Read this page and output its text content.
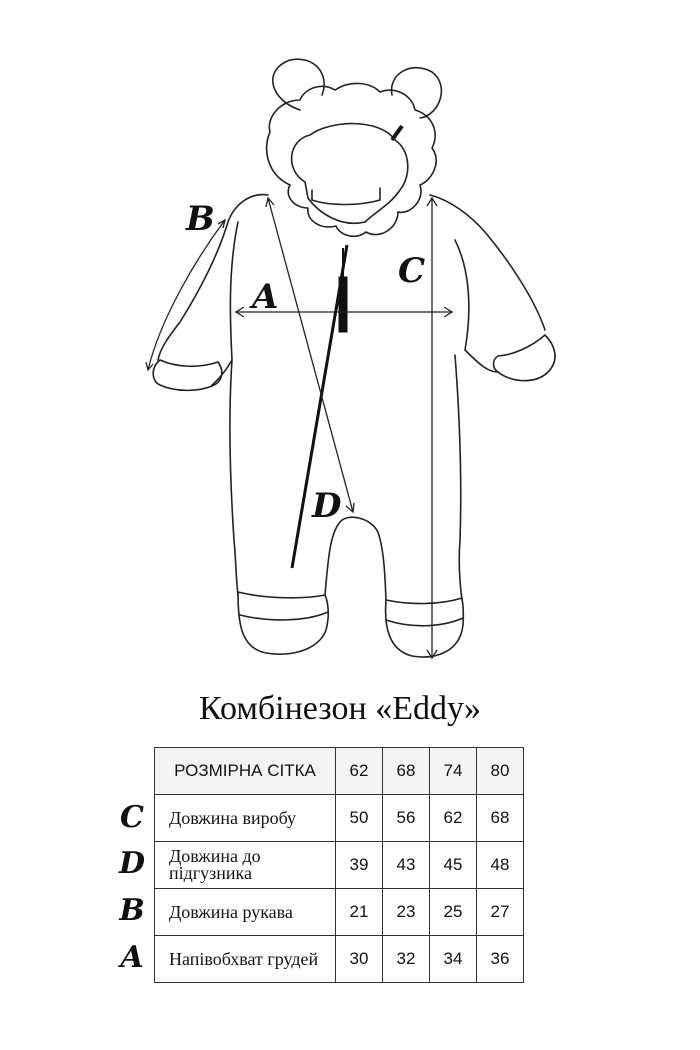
B
A
C
D
Комбінезон «Eddy»
C
D
B
A
РОЗМІРНА СІТКА	62	68	74	80
Довжина виробу	50	56	62	68
Довжина до підгузника	39	43	45	48
Довжина рукава	21	23	25	27
Напівобхват грудей	30	32	34	36
